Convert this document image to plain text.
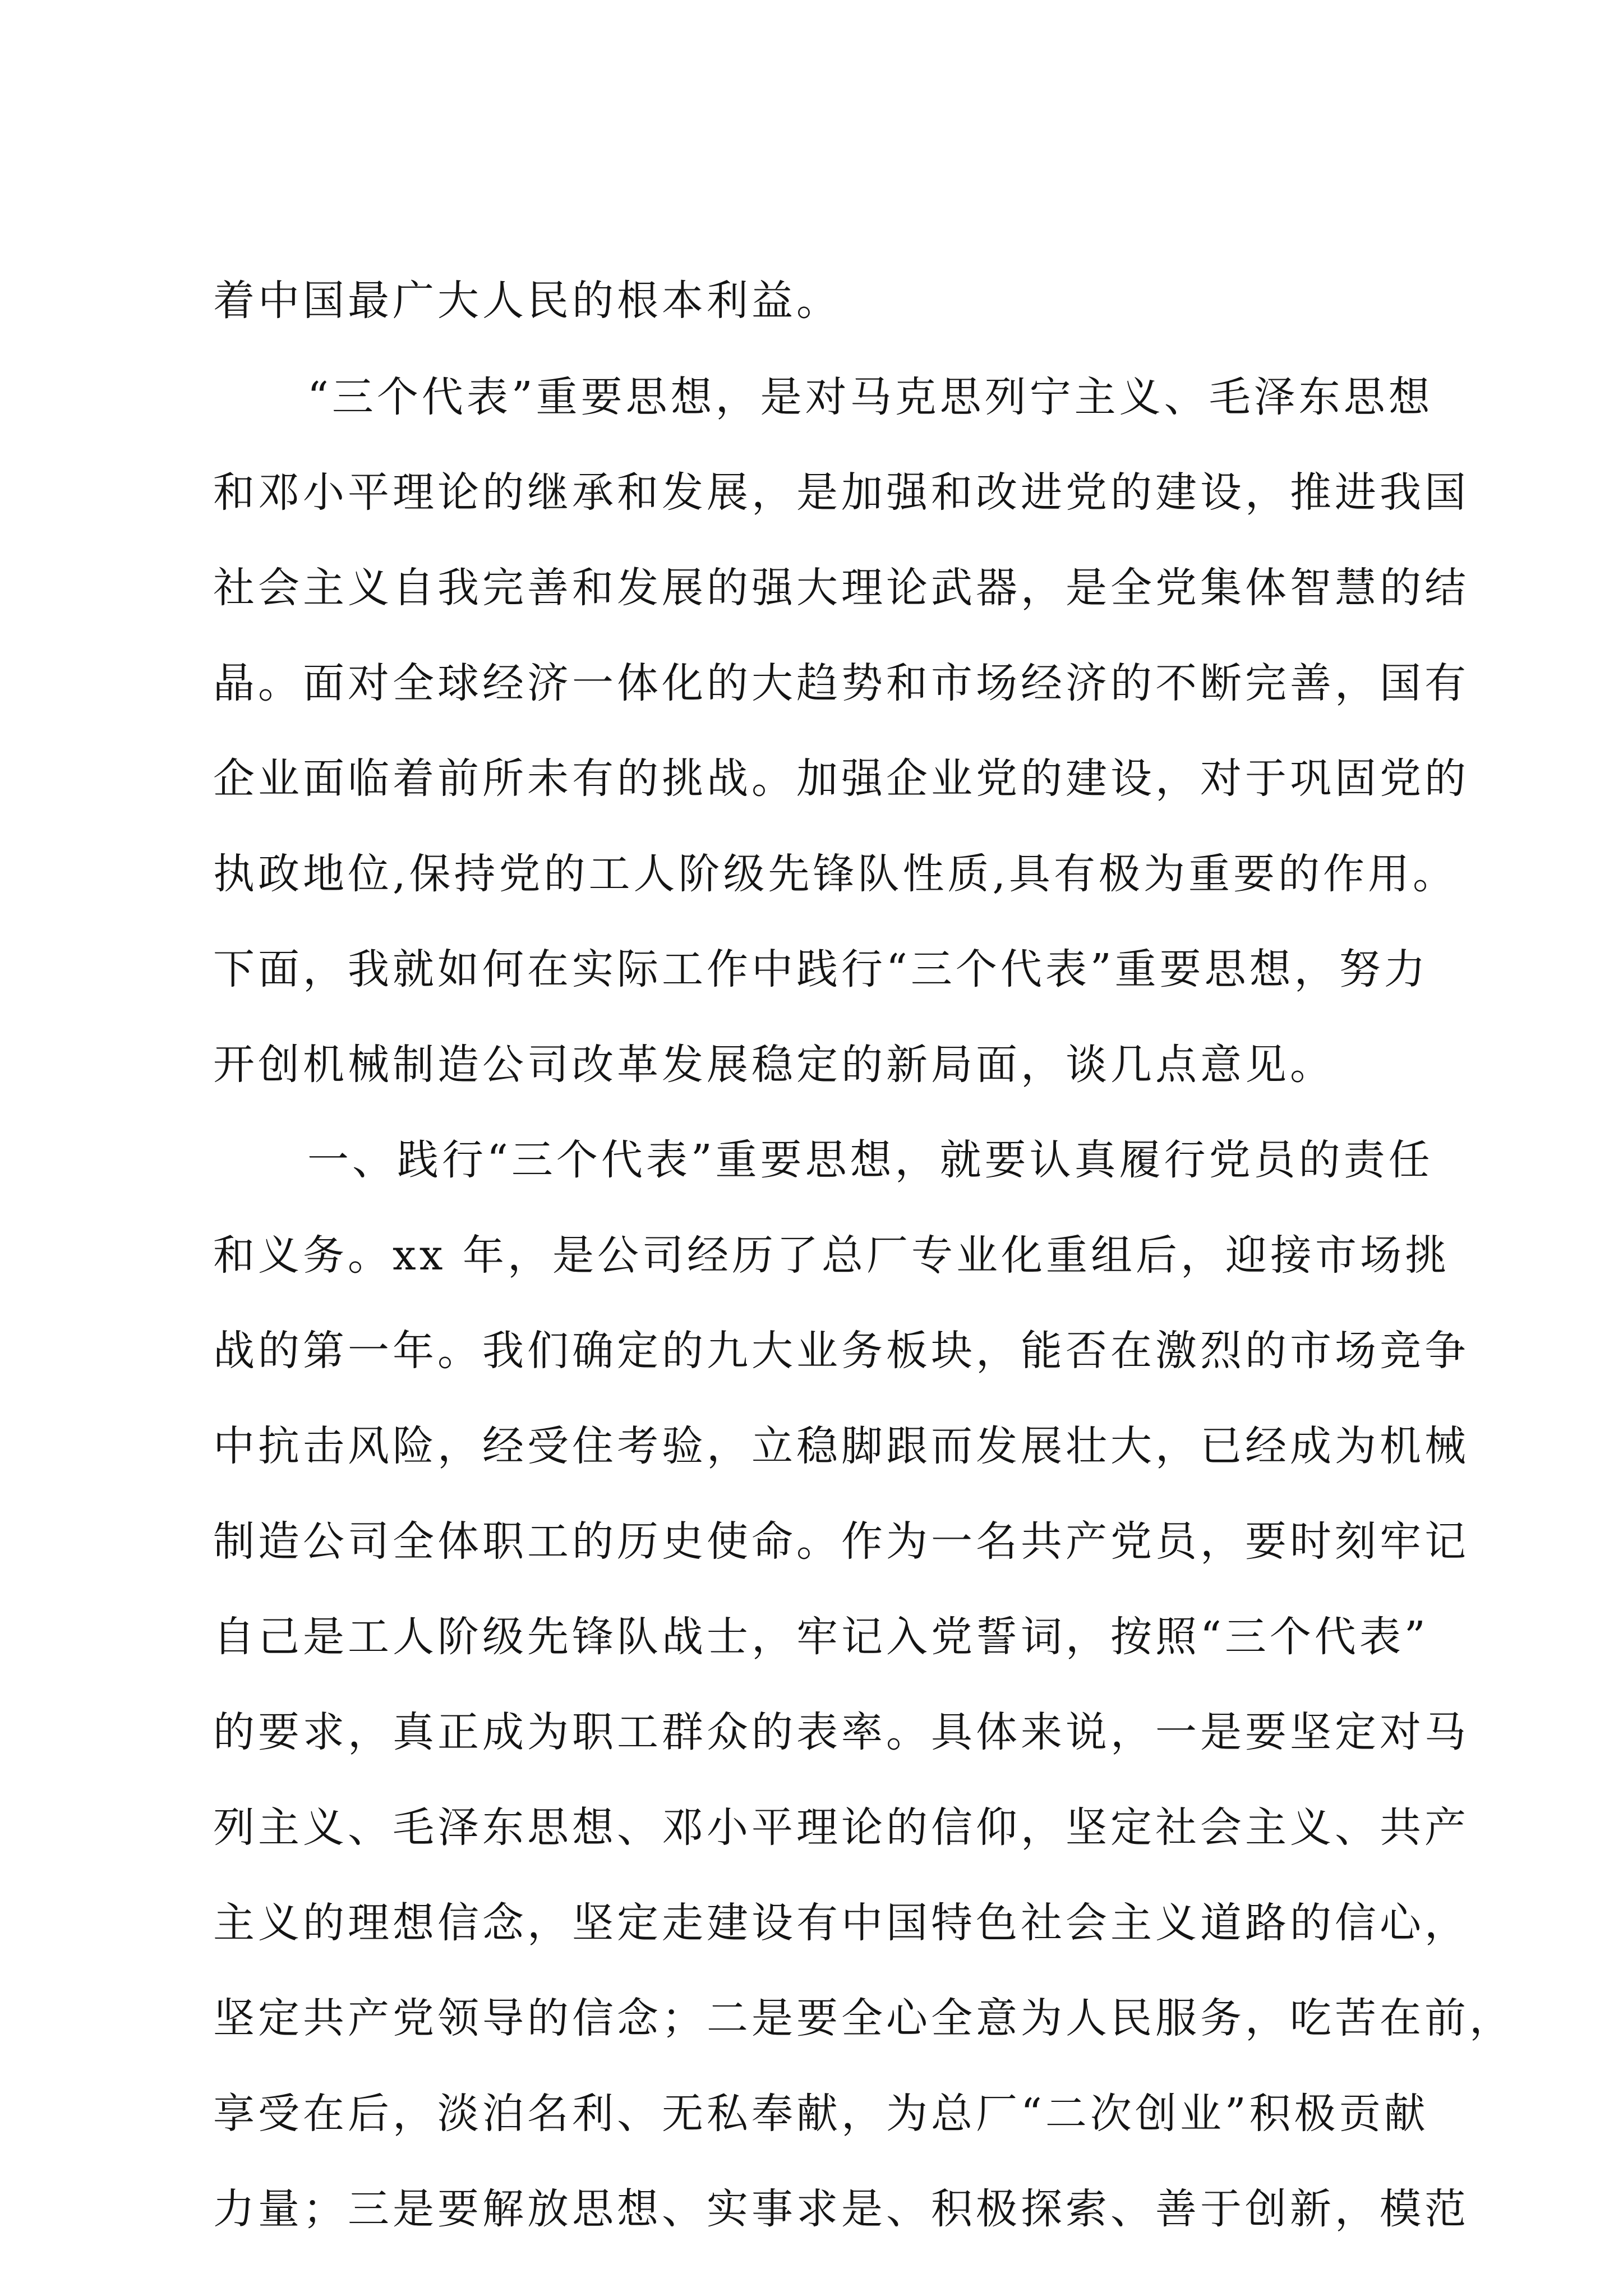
着中国最广大人民的根本利益。
“三个代表”重要思想，是对马克思列宁主义、毛泽东思想
和邓小平理论的继承和发展，是加强和改进党的建设，推进我国
社会主义自我完善和发展的强大理论武器，是全党集体智慧的结
晶。面对全球经济一体化的大趋势和市场经济的不断完善，国有
企业面临着前所未有的挑战。加强企业党的建设，对于巩固党的
执政地位,保持党的工人阶级先锋队性质,具有极为重要的作用。
下面，我就如何在实际工作中践行“三个代表”重要思想，努力
开创机械制造公司改革发展稳定的新局面，谈几点意见。
一、践行“三个代表”重要思想，就要认真履行党员的责任
和义务。xx 年，是公司经历了总厂专业化重组后，迎接市场挑
战的第一年。我们确定的九大业务板块，能否在激烈的市场竞争
中抗击风险，经受住考验，立稳脚跟而发展壮大，已经成为机械
制造公司全体职工的历史使命。作为一名共产党员，要时刻牢记
自己是工人阶级先锋队战士，牢记入党誓词，按照“三个代表”
的要求，真正成为职工群众的表率。具体来说，一是要坚定对马
列主义、毛泽东思想、邓小平理论的信仰，坚定社会主义、共产
主义的理想信念，坚定走建设有中国特色社会主义道路的信心，
坚定共产党领导的信念；二是要全心全意为人民服务，吃苦在前，
享受在后，淡泊名利、无私奉献，为总厂“二次创业”积极贡献
力量；三是要解放思想、实事求是、积极探索、善于创新，模范
